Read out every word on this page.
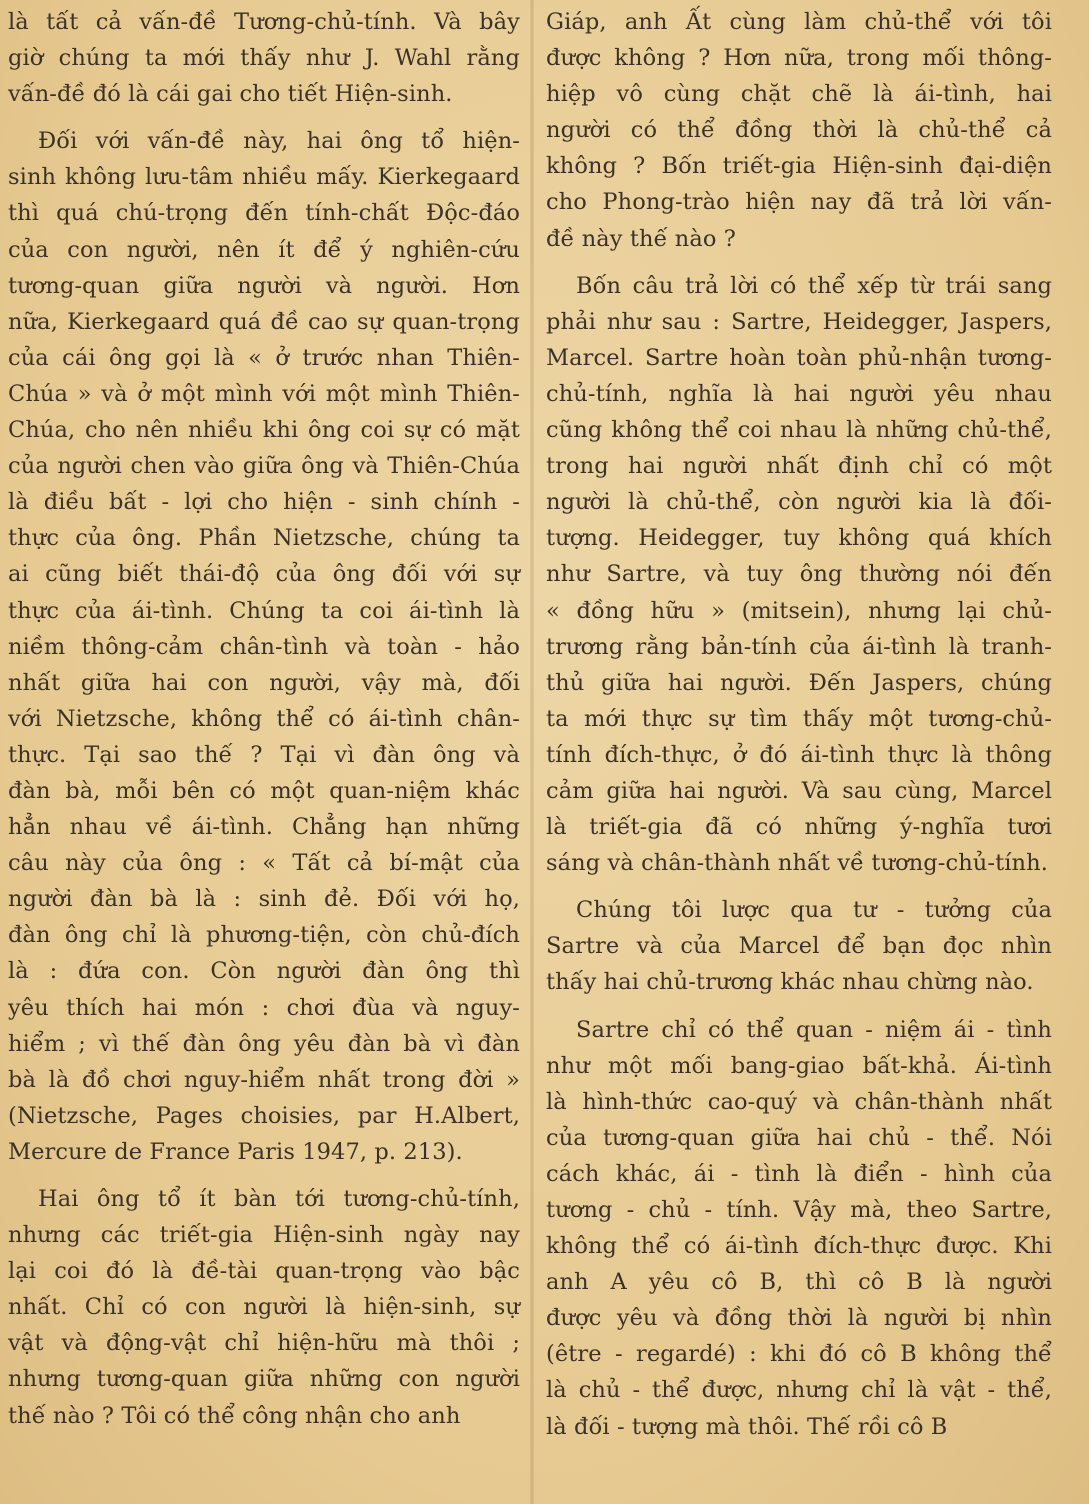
là tất cả vấn-đề Tương-chủ-tính. Và bây
giờ chúng ta mới thấy như J. Wahl rằng
vấn-đề đó là cái gai cho tiết Hiện-sinh.
Đối với vấn-đề này, hai ông tổ hiện-
sinh không lưu-tâm nhiều mấy. Kierkegaard
thì quá chú-trọng đến tính-chất Độc-đáo
của con người, nên ít để ý nghiên-cứu
tương-quan giữa người và người. Hơn
nữa, Kierkegaard quá đề cao sự quan-trọng
của cái ông gọi là « ở trước nhan Thiên-
Chúa » và ở một mình với một mình Thiên-
Chúa, cho nên nhiều khi ông coi sự có mặt
của người chen vào giữa ông và Thiên-Chúa
là điều bất - lợi cho hiện - sinh chính -
thực của ông. Phần Nietzsche, chúng ta
ai cũng biết thái-độ của ông đối với sự
thực của ái-tình. Chúng ta coi ái-tình là
niềm thông-cảm chân-tình và toàn - hảo
nhất giữa hai con người, vậy mà, đối
với Nietzsche, không thể có ái-tình chân-
thực. Tại sao thế ? Tại vì đàn ông và
đàn bà, mỗi bên có một quan-niệm khác
hẳn nhau về ái-tình. Chẳng hạn những
câu này của ông : « Tất cả bí-mật của
người đàn bà là : sinh đẻ. Đối với họ,
đàn ông chỉ là phương-tiện, còn chủ-đích
là : đứa con. Còn người đàn ông thì
yêu thích hai món : chơi đùa và nguy-
hiểm ; vì thế đàn ông yêu đàn bà vì đàn
bà là đồ chơi nguy-hiểm nhất trong đời »
(Nietzsche, Pages choisies, par H.Albert,
Mercure de France Paris 1947, p. 213).
Hai ông tổ ít bàn tới tương-chủ-tính,
nhưng các triết-gia Hiện-sinh ngày nay
lại coi đó là đề-tài quan-trọng vào bậc
nhất. Chỉ có con người là hiện-sinh, sự
vật và động-vật chỉ hiện-hữu mà thôi ;
nhưng tương-quan giữa những con người
thế nào ? Tôi có thể công nhận cho anh
Giáp, anh Ất cùng làm chủ-thể với tôi
được không ? Hơn nữa, trong mối thông-
hiệp vô cùng chặt chẽ là ái-tình, hai
người có thể đồng thời là chủ-thể cả
không ? Bốn triết-gia Hiện-sinh đại-diện
cho Phong-trào hiện nay đã trả lời vấn-
đề này thế nào ?
Bốn câu trả lời có thể xếp từ trái sang
phải như sau : Sartre, Heidegger, Jaspers,
Marcel. Sartre hoàn toàn phủ-nhận tương-
chủ-tính, nghĩa là hai người yêu nhau
cũng không thể coi nhau là những chủ-thể,
trong hai người nhất định chỉ có một
người là chủ-thể, còn người kia là đối-
tượng. Heidegger, tuy không quá khích
như Sartre, và tuy ông thường nói đến
« đồng hữu » (mitsein), nhưng lại chủ-
trương rằng bản-tính của ái-tình là tranh-
thủ giữa hai người. Đến Jaspers, chúng
ta mới thực sự tìm thấy một tương-chủ-
tính đích-thực, ở đó ái-tình thực là thông
cảm giữa hai người. Và sau cùng, Marcel
là triết-gia đã có những ý-nghĩa tươi
sáng và chân-thành nhất về tương-chủ-tính.
Chúng tôi lược qua tư - tưởng của
Sartre và của Marcel để bạn đọc nhìn
thấy hai chủ-trương khác nhau chừng nào.
Sartre chỉ có thể quan - niệm ái - tình
như một mối bang-giao bất-khả. Ái-tình
là hình-thức cao-quý và chân-thành nhất
của tương-quan giữa hai chủ - thể. Nói
cách khác, ái - tình là điển - hình của
tương - chủ - tính. Vậy mà, theo Sartre,
không thể có ái-tình đích-thực được. Khi
anh A yêu cô B, thì cô B là người
được yêu và đồng thời là người bị nhìn
(être - regardé) : khi đó cô B không thể
là chủ - thể được, nhưng chỉ là vật - thể,
là đối - tượng mà thôi. Thế rồi cô B
